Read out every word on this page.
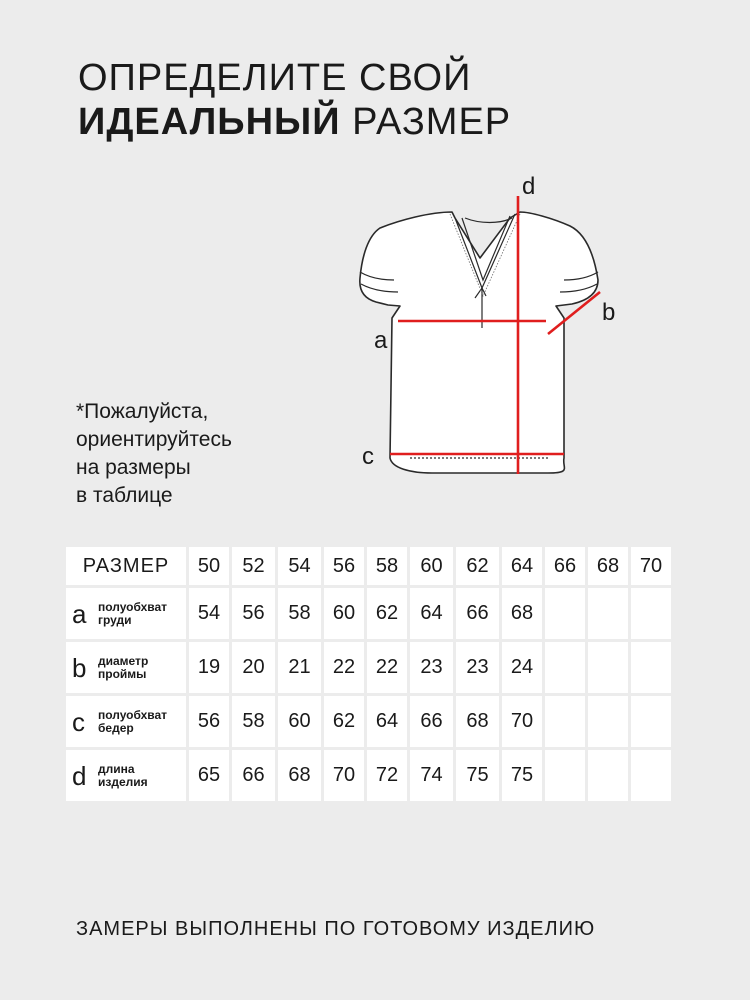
ОПРЕДЕЛИТЕ СВОЙ
ИДЕАЛЬНЫЙ РАЗМЕР
*Пожалуйста,
ориентируйтесь
на размеры
в таблице
d
b
a
c
РАЗМЕР	50	52	54	56	58	60	62	64	66	68	70

a полуобхват
груди	54	56	58	60	62	64	66	68			

b диаметр
проймы	19	20	21	22	22	23	23	24			

c полуобхват
бедер	56	58	60	62	64	66	68	70			

d длина
изделия	65	66	68	70	72	74	75	75			
ЗАМЕРЫ ВЫПОЛНЕНЫ ПО ГОТОВОМУ ИЗДЕЛИЮ
